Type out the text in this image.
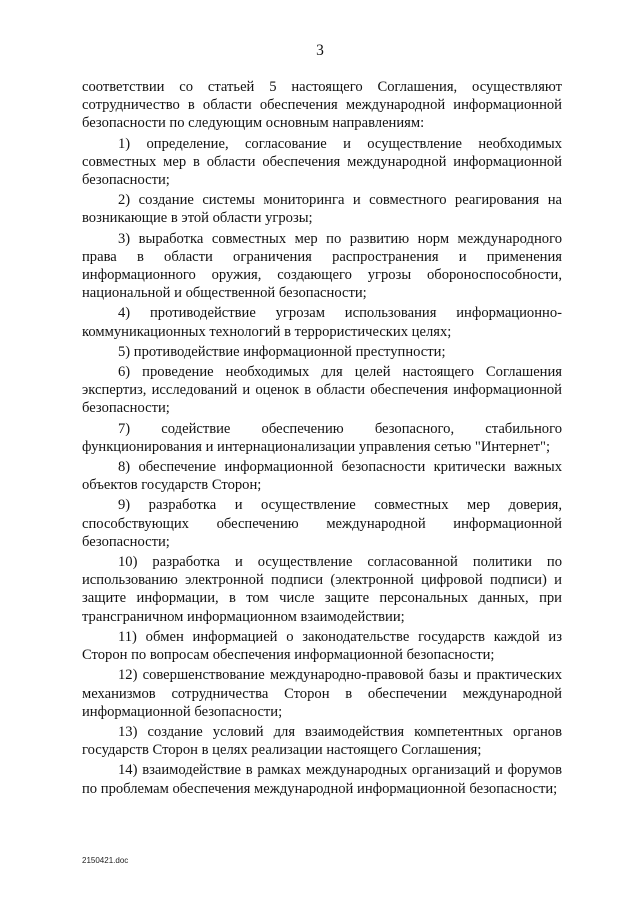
3

соответствии со статьей 5 настоящего Соглашения, осуществляют сотрудничество в области обеспечения международной информационной безопасности по следующим основным направлениям:

1) определение, согласование и осуществление необходимых совместных мер в области обеспечения международной информационной безопасности;

2) создание системы мониторинга и совместного реагирования на возникающие в этой области угрозы;

3) выработка совместных мер по развитию норм международного права в области ограничения распространения и применения информационного оружия, создающего угрозы обороноспособности, национальной и общественной безопасности;

4) противодействие угрозам использования информационно-коммуникационных технологий в террористических целях;

5) противодействие информационной преступности;

6) проведение необходимых для целей настоящего Соглашения экспертиз, исследований и оценок в области обеспечения информационной безопасности;

7) содействие обеспечению безопасного, стабильного функционирования и интернационализации управления сетью "Интернет";

8) обеспечение информационной безопасности критически важных объектов государств Сторон;

9) разработка и осуществление совместных мер доверия, способствующих обеспечению международной информационной безопасности;

10) разработка и осуществление согласованной политики по использованию электронной подписи (электронной цифровой подписи) и защите информации, в том числе защите персональных данных, при трансграничном информационном взаимодействии;

11) обмен информацией о законодательстве государств каждой из Сторон по вопросам обеспечения информационной безопасности;

12) совершенствование международно-правовой базы и практических механизмов сотрудничества Сторон в обеспечении международной информационной безопасности;

13) создание условий для взаимодействия компетентных органов государств Сторон в целях реализации настоящего Соглашения;

14) взаимодействие в рамках международных организаций и форумов по проблемам обеспечения международной информационной безопасности;

2150421.doc
